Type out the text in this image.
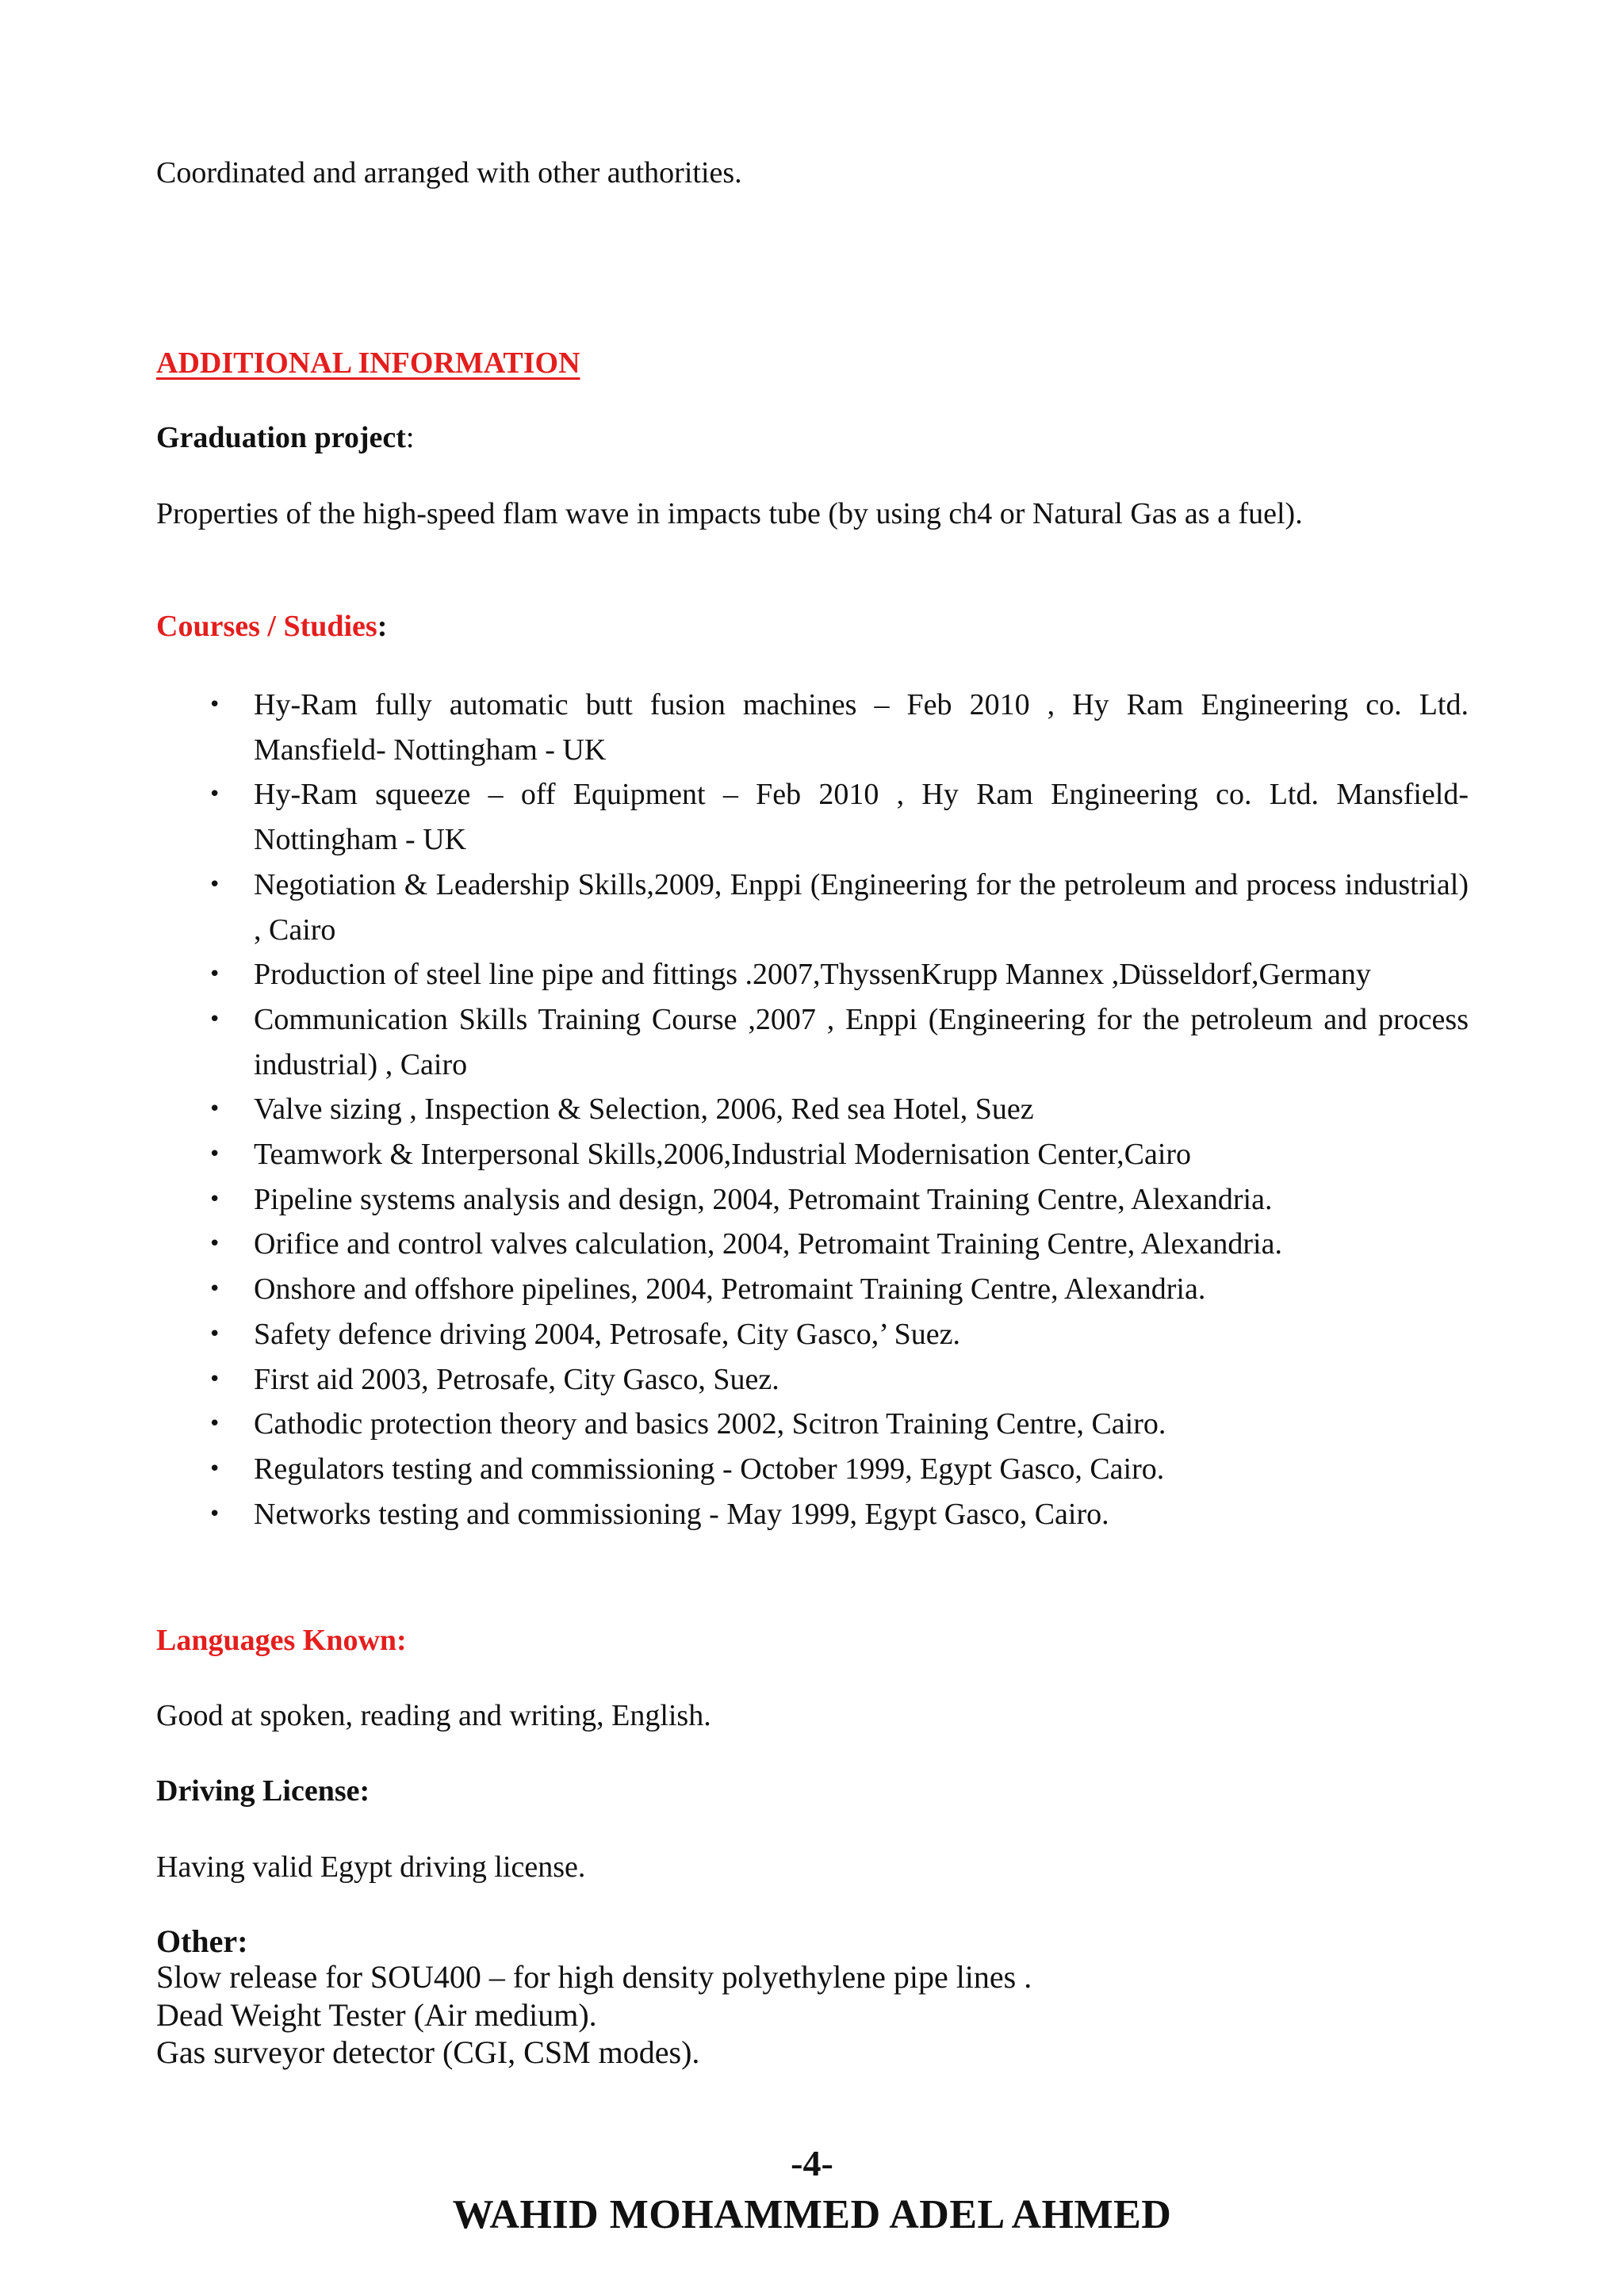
Coordinated and arranged with other authorities.
ADDITIONAL INFORMATION
Graduation project:
Properties of the high-speed flam wave in impacts tube (by using ch4 or Natural Gas as a fuel).
Courses / Studies:
• Hy-Ram fully automatic butt fusion machines – Feb 2010 , Hy Ram Engineering co. Ltd. Mansfield- Nottingham - UK
• Hy-Ram squeeze – off Equipment – Feb 2010 , Hy Ram Engineering co. Ltd. Mansfield- Nottingham - UK
• Negotiation & Leadership Skills,2009, Enppi (Engineering for the petroleum and process industrial) , Cairo
• Production of steel line pipe and fittings .2007,ThyssenKrupp Mannex ,Düsseldorf,Germany
• Communication Skills Training Course ,2007 , Enppi (Engineering for the petroleum and process industrial) , Cairo
• Valve sizing , Inspection & Selection, 2006, Red sea Hotel, Suez
• Teamwork & Interpersonal Skills,2006,Industrial Modernisation Center,Cairo
• Pipeline systems analysis and design, 2004, Petromaint Training Centre, Alexandria.
• Orifice and control valves calculation, 2004, Petromaint Training Centre, Alexandria.
• Onshore and offshore pipelines, 2004, Petromaint Training Centre, Alexandria.
• Safety defence driving 2004, Petrosafe, City Gasco,’ Suez.
• First aid 2003, Petrosafe, City Gasco, Suez.
• Cathodic protection theory and basics 2002, Scitron Training Centre, Cairo.
• Regulators testing and commissioning - October 1999, Egypt Gasco, Cairo.
• Networks testing and commissioning - May 1999, Egypt Gasco, Cairo.
Languages Known:
Good at spoken, reading and writing, English.
Driving License:
Having valid Egypt driving license.
Other:
Slow release for SOU400 – for high density polyethylene pipe lines .
Dead Weight Tester (Air medium).
Gas surveyor detector (CGI, CSM modes).
-4-
WAHID MOHAMMED ADEL AHMED
